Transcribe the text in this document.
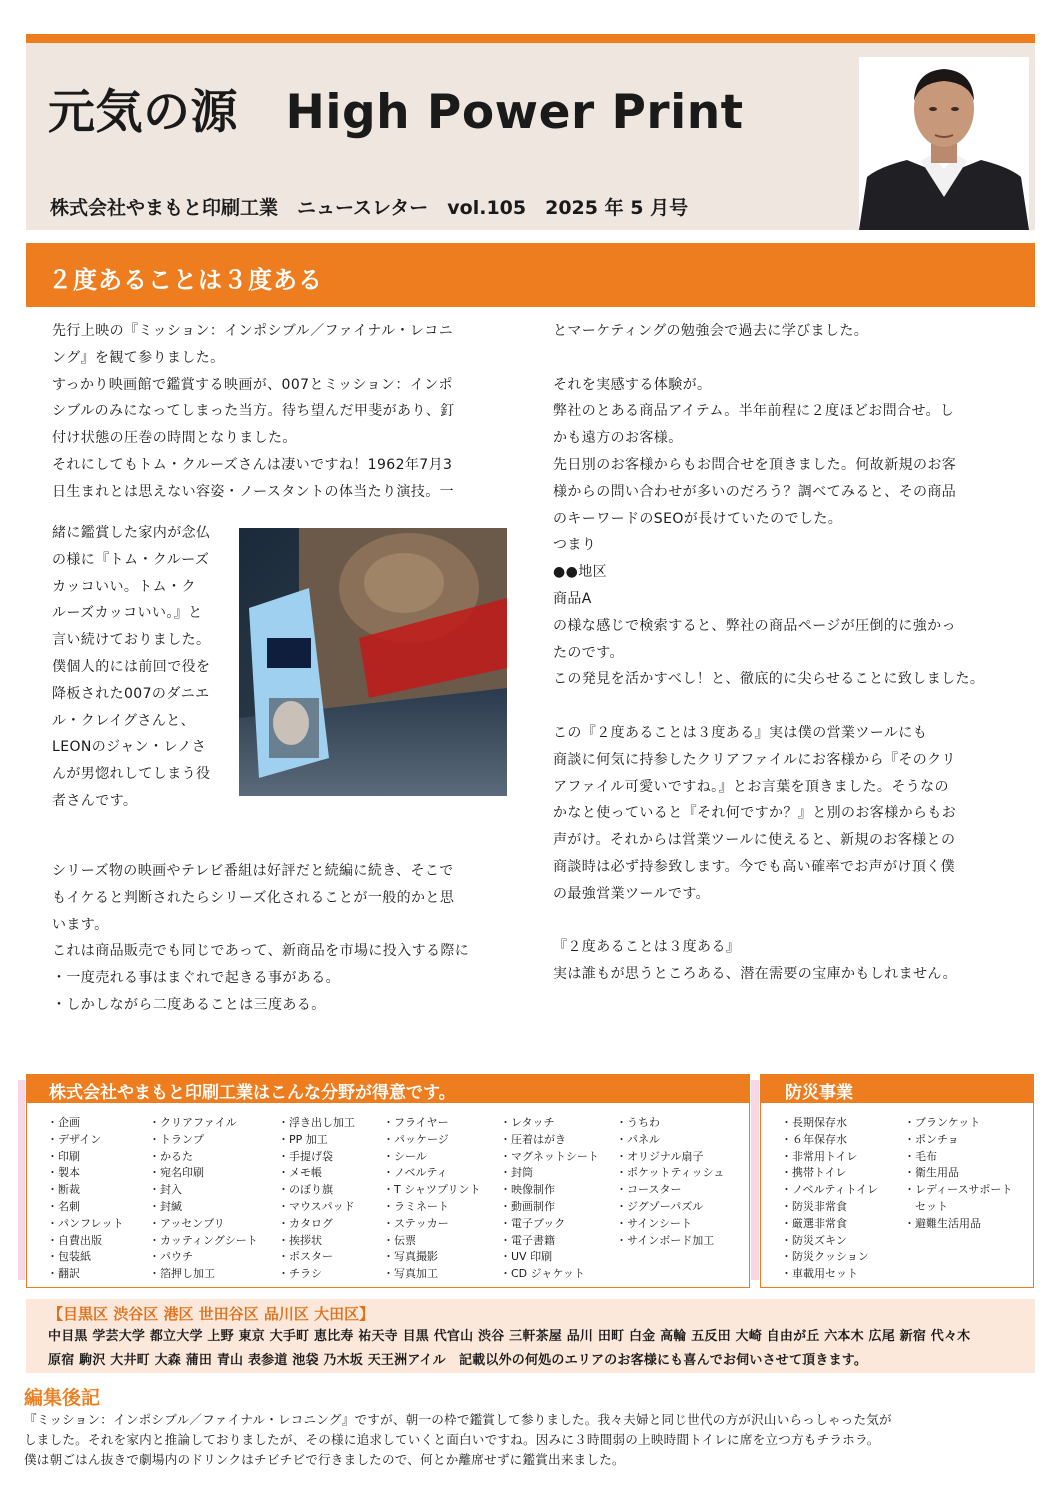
元気の源　High Power Print
株式会社やまもと印刷工業　ニュースレター　vol.105　2025 年 5 月号
２度あることは３度ある
先行上映の『ミッション：インポシブル／ファイナル・レコニ
ング』を観て参りました。
すっかり映画館で鑑賞する映画が、007とミッション：インポ
シブルのみになってしまった当方。待ち望んだ甲斐があり、釘
付け状態の圧巻の時間となりました。
それにしてもトム・クルーズさんは凄いですね！1962年7月3
日生まれとは思えない容姿・ノースタントの体当たり演技。一
緒に鑑賞した家内が念仏
の様に『トム・クルーズ
カッコいい。トム・ク
ルーズカッコいい。』と
言い続けておりました。
僕個人的には前回で役を
降板された007のダニエ
ル・クレイグさんと、
LEONのジャン・レノさ
んが男惚れしてしまう役
者さんです。
シリーズ物の映画やテレビ番組は好評だと続編に続き、そこで
もイケると判断されたらシリーズ化されることが一般的かと思
います。
これは商品販売でも同じであって、新商品を市場に投入する際に
・一度売れる事はまぐれで起きる事がある。
・しかしながら二度あることは三度ある。
とマーケティングの勉強会で過去に学びました。

それを実感する体験が。
弊社のとある商品アイテム。半年前程に２度ほどお問合せ。し
かも遠方のお客様。
先日別のお客様からもお問合せを頂きました。何故新規のお客
様からの問い合わせが多いのだろう？調べてみると、その商品
のキーワードのSEOが長けていたのでした。
つまり
●●地区
商品A
の様な感じで検索すると、弊社の商品ページが圧倒的に強かっ
たのです。
この発見を活かすべし！と、徹底的に尖らせることに致しました。

この『２度あることは３度ある』実は僕の営業ツールにも
商談に何気に持参したクリアファイルにお客様から『そのクリ
アファイル可愛いですね。』とお言葉を頂きました。そうなの
かなと使っていると『それ何ですか？』と別のお客様からもお
声がけ。それからは営業ツールに使えると、新規のお客様との
商談時は必ず持参致します。今でも高い確率でお声がけ頂く僕
の最強営業ツールです。

『２度あることは３度ある』
実は誰もが思うところある、潜在需要の宝庫かもしれません。
株式会社やまもと印刷工業はこんな分野が得意です。
・企画
・デザイン
・印刷
・製本
・断裁
・名刺
・パンフレット
・自費出版
・包装紙
・翻訳
・クリアファイル
・トランプ
・かるた
・宛名印刷
・封入
・封緘
・アッセンブリ
・カッティングシート
・パウチ
・箔押し加工
・浮き出し加工
・PP 加工
・手提げ袋
・メモ帳
・のぼり旗
・マウスパッド
・カタログ
・挨拶状
・ポスター
・チラシ
・フライヤー
・パッケージ
・シール
・ノベルティ
・T シャツプリント
・ラミネート
・ステッカー
・伝票
・写真撮影
・写真加工
・レタッチ
・圧着はがき
・マグネットシート
・封筒
・映像制作
・動画制作
・電子ブック
・電子書籍
・UV 印刷
・CD ジャケット
・うちわ
・パネル
・オリジナル扇子
・ポケットティッシュ
・コースター
・ジグゾーパズル
・サインシート
・サインボード加工
防災事業
・長期保存水
・６年保存水
・非常用トイレ
・携帯トイレ
・ノベルティトイレ
・防災非常食
・厳選非常食
・防災ズキン
・防災クッション
・車載用セット
・ブランケット
・ポンチョ
・毛布
・衛生用品
・レディースサポート
　セット
・避難生活用品
【目黒区 渋谷区 港区 世田谷区 品川区 大田区】
中目黒 学芸大学 都立大学 上野 東京 大手町 恵比寿 祐天寺 目黒 代官山 渋谷 三軒茶屋 品川 田町 白金 高輪 五反田 大崎 自由が丘 六本木 広尾 新宿 代々木
原宿 駒沢 大井町 大森 蒲田 青山 表参道 池袋 乃木坂 天王洲アイル　記載以外の何処のエリアのお客様にも喜んでお伺いさせて頂きます。
編集後記
『ミッション：インポシブル／ファイナル・レコニング』ですが、朝一の枠で鑑賞して参りました。我々夫婦と同じ世代の方が沢山いらっしゃった気が
しました。それを家内と推論しておりましたが、その様に追求していくと面白いですね。因みに３時間弱の上映時間トイレに席を立つ方もチラホラ。
僕は朝ごはん抜きで劇場内のドリンクはチビチビで行きましたので、何とか離席せずに鑑賞出来ました。
